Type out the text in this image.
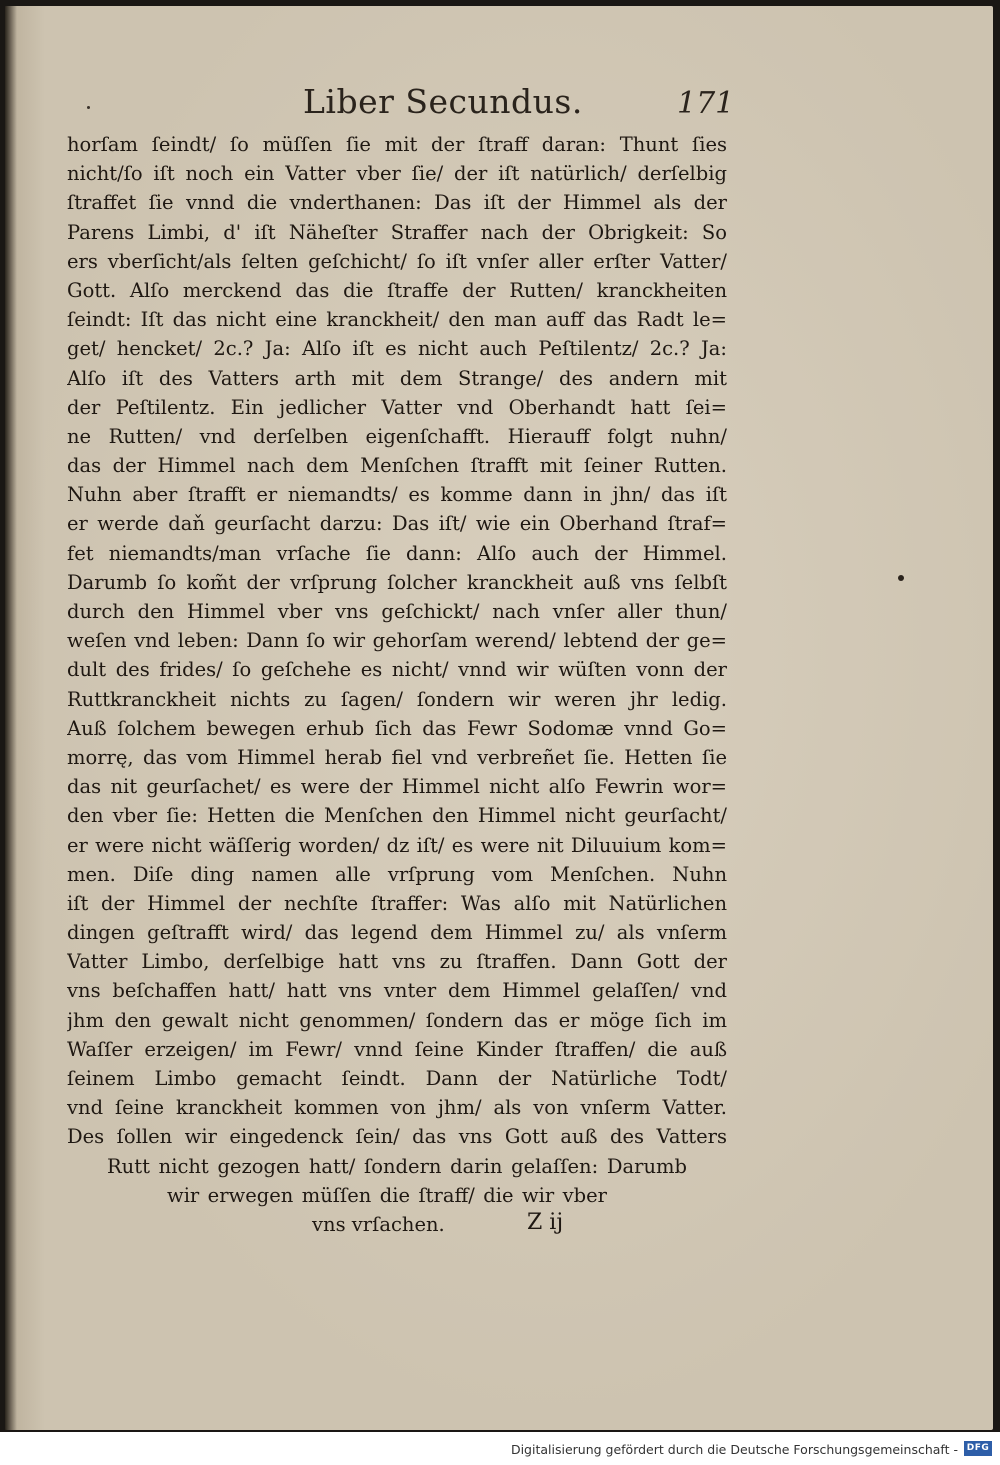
Liber Secundus.	171
horſam ſeindt/ ſo müſſen ſie mit der ſtraff daran: Thunt ſies
nicht/ſo iſt noch ein Vatter vber ſie/ der iſt natürlich/ derſelbig
ſtraffet ſie vnnd die vnderthanen: Das iſt der Himmel als der
Parens Limbi, d' iſt Näheſter Straffer nach der Obrigkeit: So
ers vberſicht/als ſelten geſchicht/ ſo iſt vnſer aller erſter Vatter/
Gott. Alſo merckend das die ſtraffe der Rutten/ kranckheiten
ſeindt: Iſt das nicht eine kranckheit/ den man auff das Radt le=
get/ hencket/ 2c.? Ja: Alſo iſt es nicht auch Peſtilentz/ 2c.? Ja:
Alſo iſt des Vatters arth mit dem Strange/ des andern mit
der Peſtilentz. Ein jedlicher Vatter vnd Oberhandt hatt ſei=
ne Rutten/ vnd derſelben eigenſchafft. Hierauff folgt nuhn/
das der Himmel nach dem Menſchen ſtrafft mit ſeiner Rutten.
Nuhn aber ſtrafft er niemandts/ es komme dann in jhn/ das iſt
er werde daň geurſacht darzu: Das iſt/ wie ein Oberhand ſtraf=
fet niemandts/man vrſache ſie dann: Alſo auch der Himmel.
Darumb ſo kom̃t der vrſprung ſolcher kranckheit auß vns ſelbſt
durch den Himmel vber vns geſchickt/ nach vnſer aller thun/
weſen vnd leben: Dann ſo wir gehorſam werend/ lebtend der ge=
dult des frides/ ſo geſchehe es nicht/ vnnd wir wüſten vonn der
Ruttkranckheit nichts zu ſagen/ ſondern wir weren jhr ledig.
Auß ſolchem bewegen erhub ſich das Fewr Sodomæ vnnd Go=
morrę, das vom Himmel herab fiel vnd verbreñet ſie. Hetten ſie
das nit geurſachet/ es were der Himmel nicht alſo Fewrin wor=
den vber ſie: Hetten die Menſchen den Himmel nicht geurſacht/
er were nicht wäſſerig worden/ dz iſt/ es were nit Diluuium kom=
men. Diſe ding namen alle vrſprung vom Menſchen. Nuhn
iſt der Himmel der nechſte ſtraffer: Was alſo mit Natürlichen
dingen geſtrafft wird/ das legend dem Himmel zu/ als vnſerm
Vatter Limbo, derſelbige hatt vns zu ſtraffen. Dann Gott der
vns beſchaffen hatt/ hatt vns vnter dem Himmel gelaſſen/ vnd
jhm den gewalt nicht genommen/ ſondern das er möge ſich im
Waſſer erzeigen/ im Fewr/ vnnd ſeine Kinder ſtraffen/ die auß
ſeinem Limbo gemacht ſeindt. Dann der Natürliche Todt/
vnd ſeine kranckheit kommen von jhm/ als von vnſerm Vatter.
Des ſollen wir eingedenck ſein/ das vns Gott auß des Vatters
Rutt nicht gezogen hatt/ ſondern darin gelaſſen: Darumb
wir erwegen müſſen die ſtraff/ die wir vber
vns vrſachen.	Z ij
Digitalisierung gefördert durch die Deutsche Forschungsgemeinschaft - DFG
